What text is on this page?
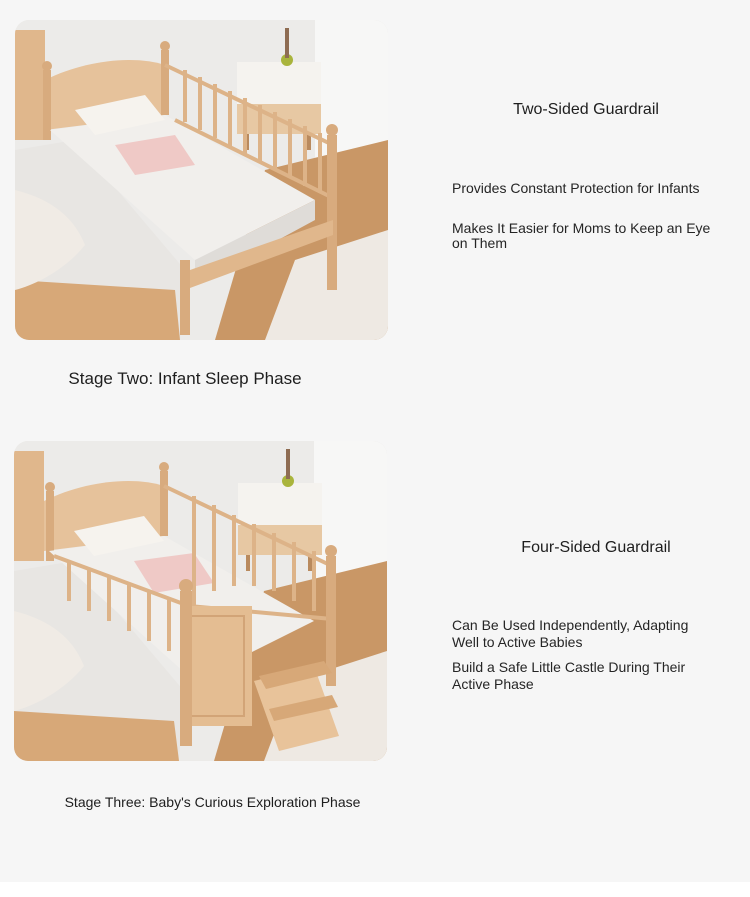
Stage Two: Infant Sleep Phase
Two-Sided Guardrail
Provides Constant Protection for Infants
Makes It Easier for Moms to Keep an Eye on Them
Stage Three: Baby's Curious Exploration Phase
Four-Sided Guardrail
Can Be Used Independently, Adapting Well to Active Babies
Build a Safe Little Castle During Their Active Phase
